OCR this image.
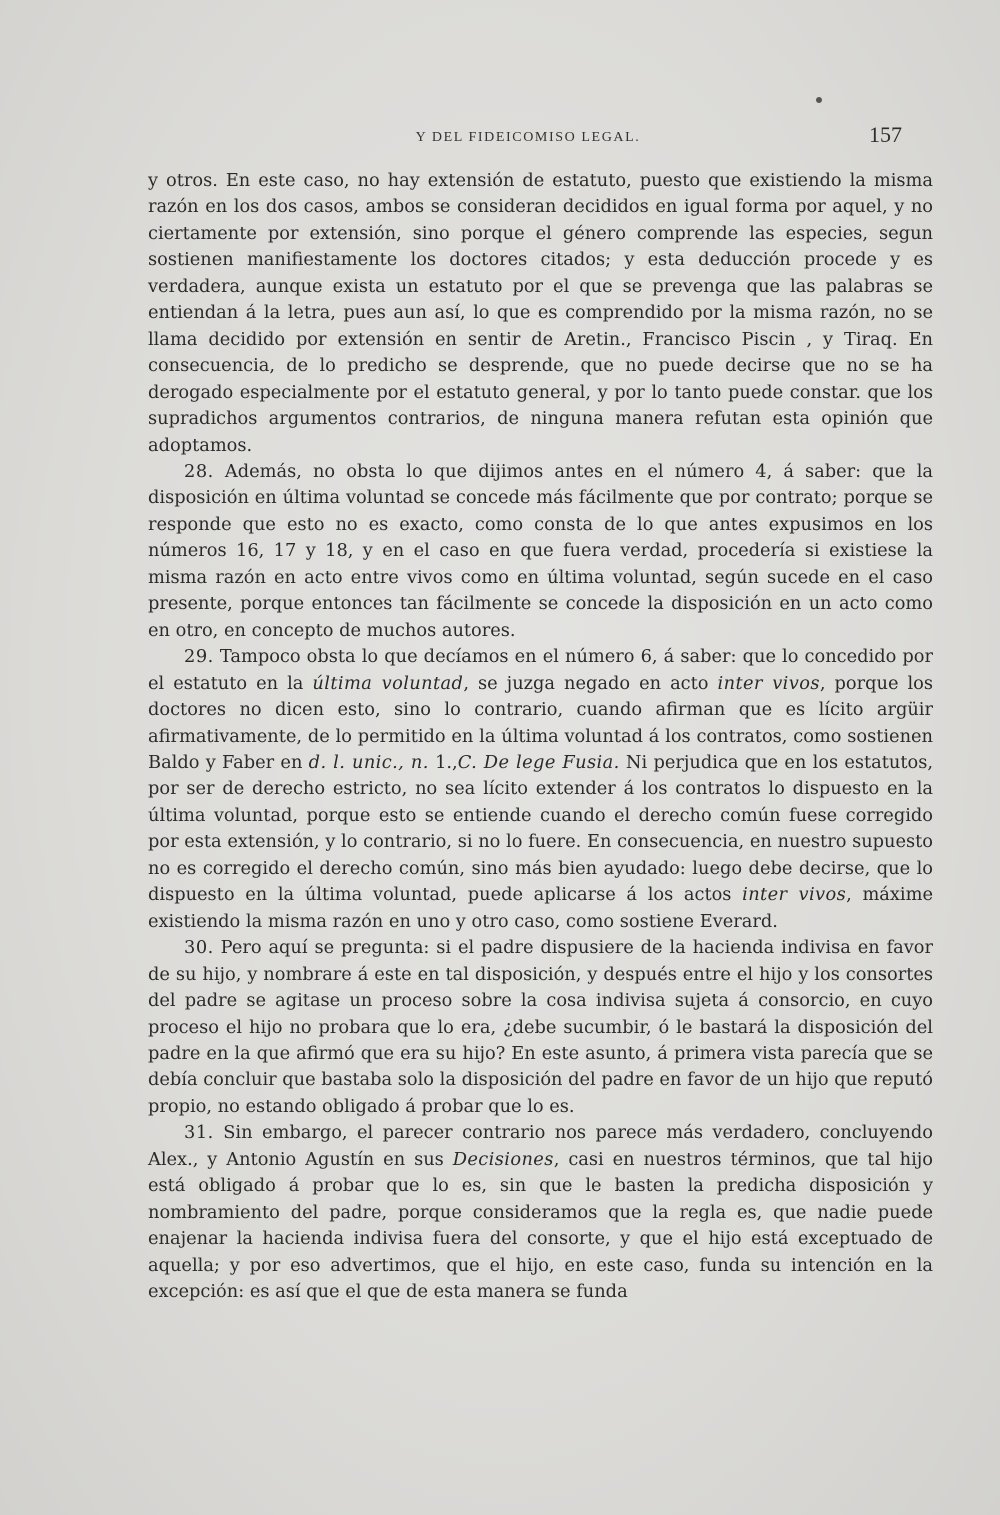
Y DEL FIDEICOMISO LEGAL.	157

y otros. En este caso, no hay extensión de estatuto, puesto que existiendo la misma razón en los dos casos, ambos se consideran decididos en igual forma por aquel, y no ciertamente por extensión, sino porque el género comprende las especies, segun sostienen manifiestamente los doctores citados; y esta deducción procede y es verdadera, aunque exista un estatuto por el que se prevenga que las palabras se entiendan á la letra, pues aun así, lo que es comprendido por la misma razón, no se llama decidido por extensión en sentir de Aretin., Francisco Piscin , y Tiraq. En consecuencia, de lo predicho se desprende, que no puede decirse que no se ha derogado especialmente por el estatuto general, y por lo tanto puede constar. que los supradichos argumentos contrarios, de ninguna manera refutan esta opinión que adoptamos.

28. Además, no obsta lo que dijimos antes en el número 4, á saber: que la disposición en última voluntad se concede más fácilmente que por contrato; porque se responde que esto no es exacto, como consta de lo que antes expusimos en los números 16, 17 y 18, y en el caso en que fuera verdad, procedería si existiese la misma razón en acto entre vivos como en última voluntad, según sucede en el caso presente, porque entonces tan fácilmente se concede la disposición en un acto como en otro, en concepto de muchos autores.

29. Tampoco obsta lo que decíamos en el número 6, á saber: que lo concedido por el estatuto en la última voluntad, se juzga negado en acto inter vivos, porque los doctores no dicen esto, sino lo contrario, cuando afirman que es lícito argüir afirmativamente, de lo permitido en la última voluntad á los contratos, como sostienen Baldo y Faber en d. l. unic., n. 1.,C. De lege Fusia. Ni perjudica que en los estatutos, por ser de derecho estricto, no sea lícito extender á los contratos lo dispuesto en la última voluntad, porque esto se entiende cuando el derecho común fuese corregido por esta extensión, y lo contrario, si no lo fuere. En consecuencia, en nuestro supuesto no es corregido el derecho común, sino más bien ayudado: luego debe decirse, que lo dispuesto en la última voluntad, puede aplicarse á los actos inter vivos, máxime existiendo la misma razón en uno y otro caso, como sostiene Everard.

30. Pero aquí se pregunta: si el padre dispusiere de la hacienda indivisa en favor de su hijo, y nombrare á este en tal disposición, y después entre el hijo y los consortes del padre se agitase un proceso sobre la cosa indivisa sujeta á consorcio, en cuyo proceso el hijo no probara que lo era, ¿debe sucumbir, ó le bastará la disposición del padre en la que afirmó que era su hijo? En este asunto, á primera vista parecía que se debía concluir que bastaba solo la disposición del padre en favor de un hijo que reputó propio, no estando obligado á probar que lo es.

31. Sin embargo, el parecer contrario nos parece más verdadero, concluyendo Alex., y Antonio Agustín en sus Decisiones, casi en nuestros términos, que tal hijo está obligado á probar que lo es, sin que le basten la predicha disposición y nombramiento del padre, porque consideramos que la regla es, que nadie puede enajenar la hacienda indivisa fuera del consorte, y que el hijo está exceptuado de aquella; y por eso advertimos, que el hijo, en este caso, funda su intención en la excepción: es así que el que de esta manera se funda
